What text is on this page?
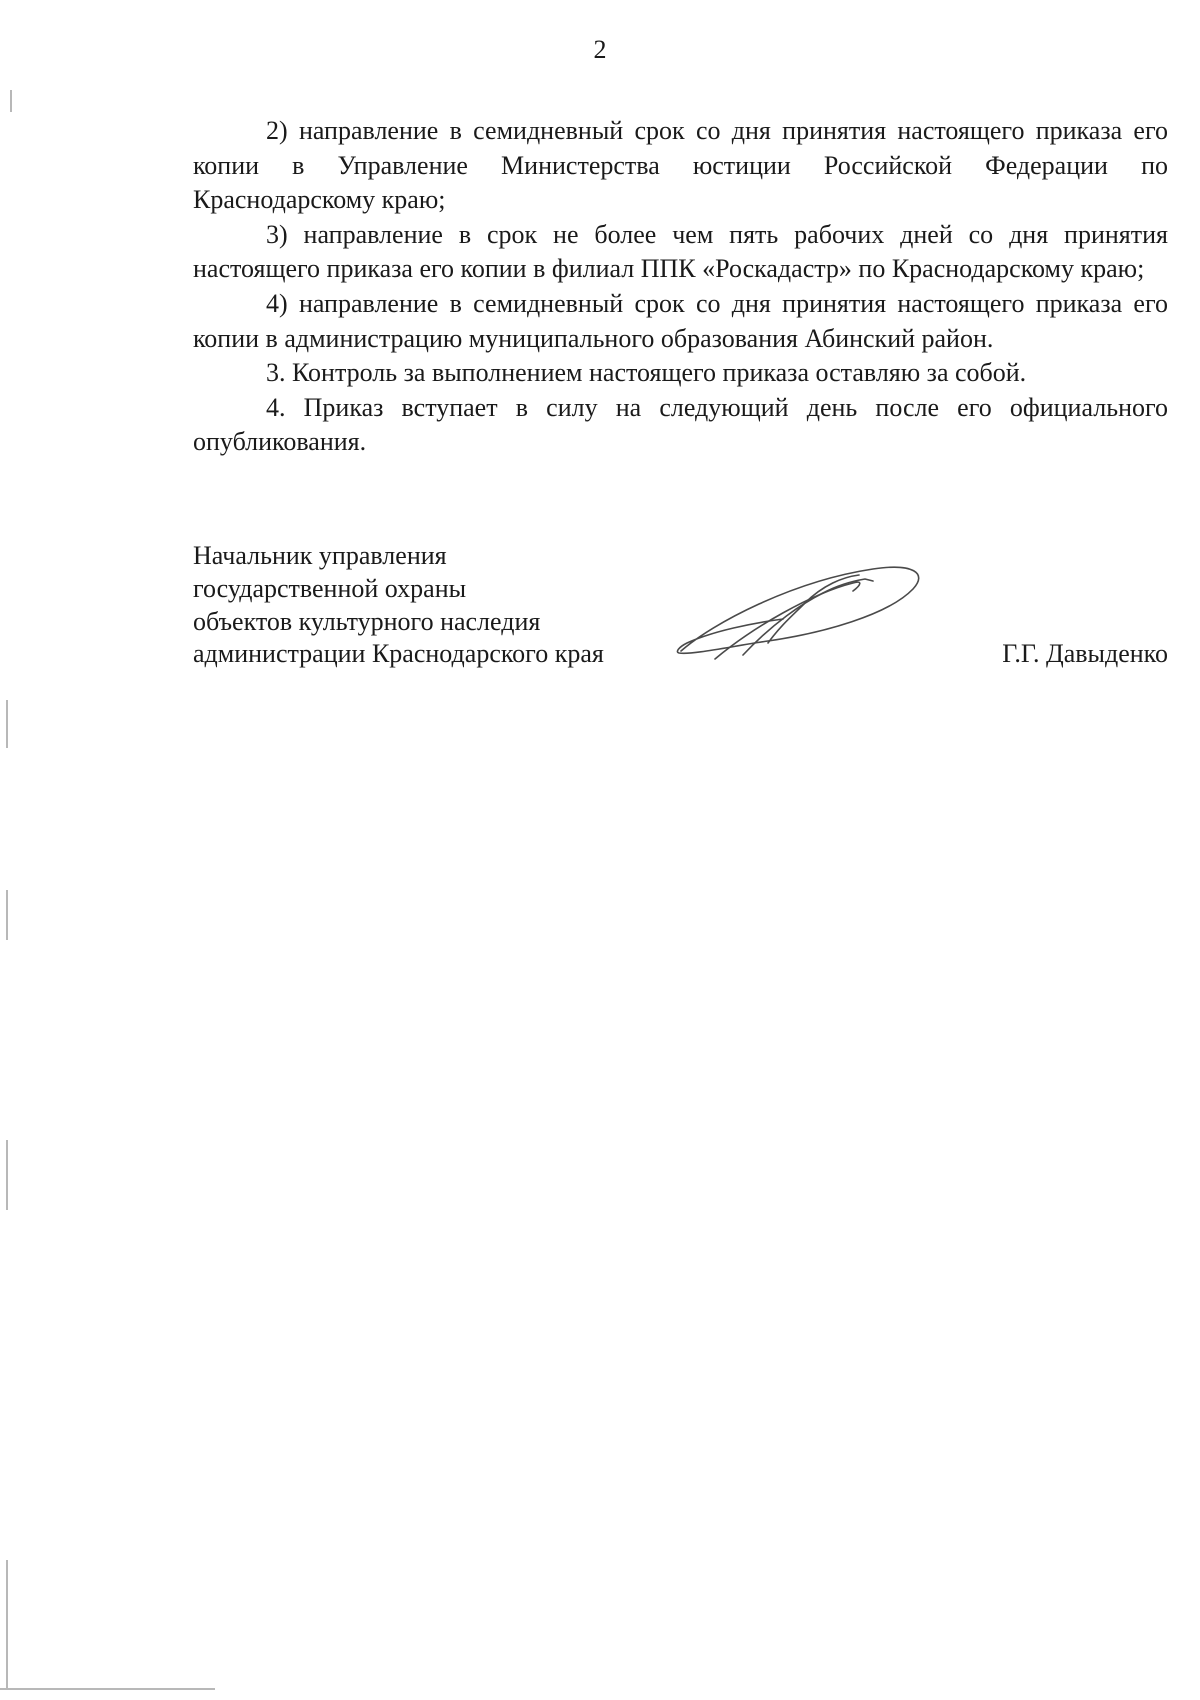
2

2) направление в семидневный срок со дня принятия настоящего приказа его копии в Управление Министерства юстиции Российской Федерации по Краснодарскому краю;

3) направление в срок не более чем пять рабочих дней со дня принятия настоящего приказа его копии в филиал ППК «Роскадастр» по Краснодарскому краю;

4) направление в семидневный срок со дня принятия настоящего приказа его копии в администрацию муниципального образования Абинский район.

3. Контроль за выполнением настоящего приказа оставляю за собой.

4. Приказ вступает в силу на следующий день после его официального опубликования.

Начальник управления
государственной охраны
объектов культурного наследия
администрации Краснодарского края	Г.Г. Давыденко
